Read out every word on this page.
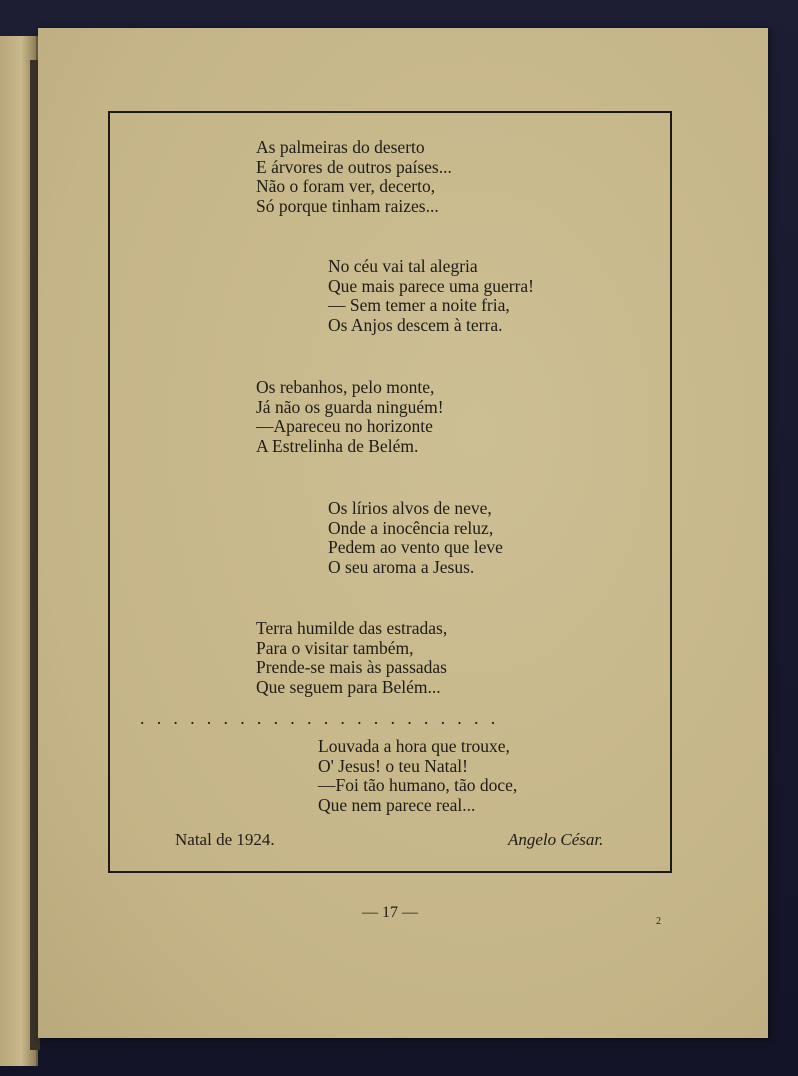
As palmeiras do deserto
E árvores de outros países...
Não o foram ver, decerto,
Só porque tinham raizes...
No céu vai tal alegria
Que mais parece uma guerra!
— Sem temer a noite fria,
Os Anjos descem à terra.
Os rebanhos, pelo monte,
Já não os guarda ninguém!
—Apareceu no horizonte
A Estrelinha de Belém.
Os lírios alvos de neve,
Onde a inocência reluz,
Pedem ao vento que leve
O seu aroma a Jesus.
Terra humilde das estradas,
Para o visitar também,
Prende-se mais às passadas
Que seguem para Belém...
......................
Louvada a hora que trouxe,
O' Jesus! o teu Natal!
—Foi tão humano, tão doce,
Que nem parece real...
Natal de 1924.	Angelo César.
— 17 —
2
